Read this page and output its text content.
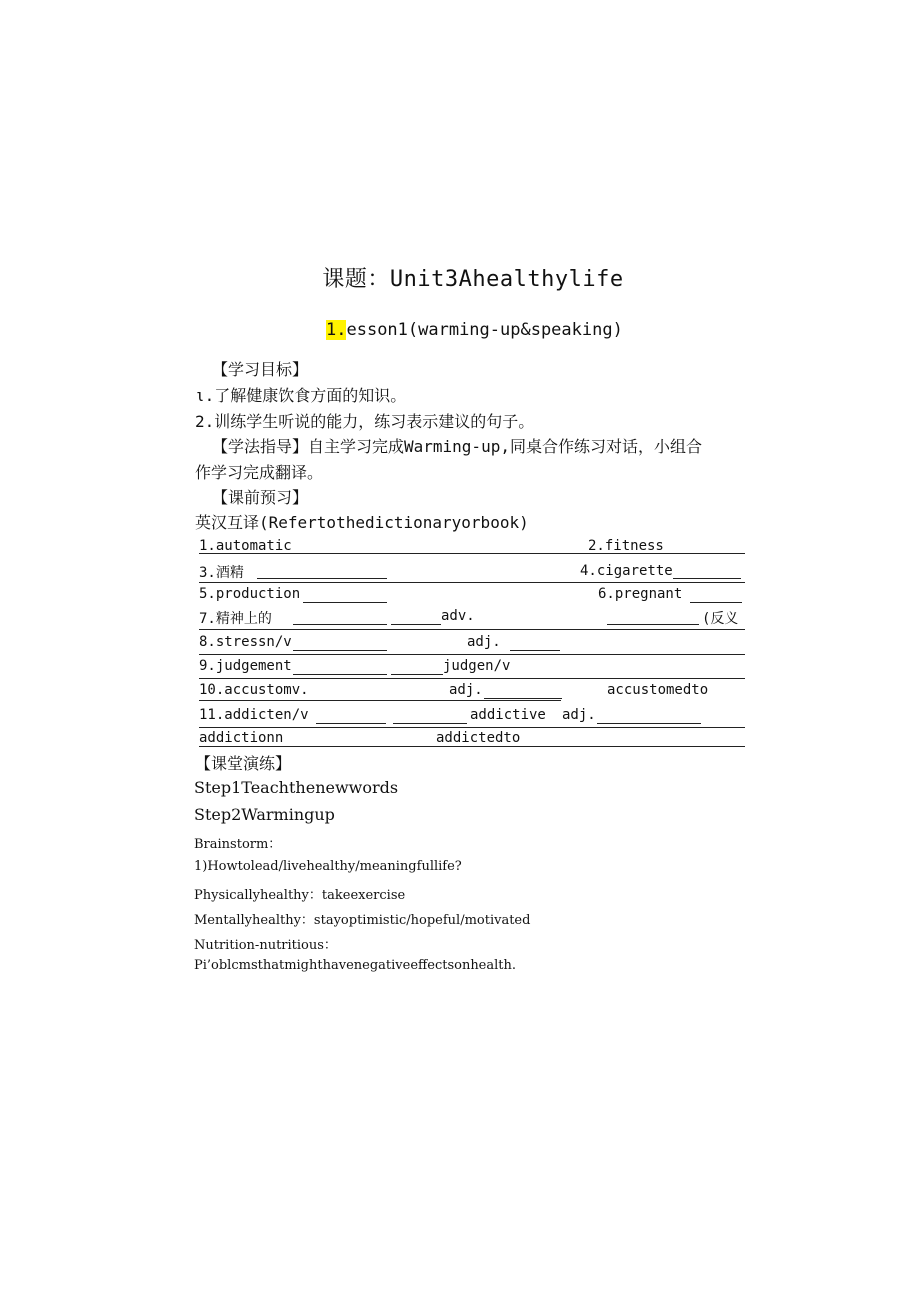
课题：Unit3Ahealthylife
1.esson1(warming-up&speaking)
【学习目标】
ι.了解健康饮食方面的知识。
2.训练学生听说的能力，练习表示建议的句子。
【学法指导】自主学习完成Warming-up,同桌合作练习对话，小组合
作学习完成翻译。
【课前预习】
英汉互译(Refertothedictionaryorbook)
1.automatic	2.fitness
3.酒精	4.cigarette
5.production	6.pregnant
7.精神上的	adv.	(反义
8.stressn/v	adj.
9.judgement	judgen/v
10.accustomv.	adj.	accustomedto
11.addicten/v	addictive adj.
addictionn	addictedto
【课堂演练】
Step1Teachthenewwords
Step2Warmingup
Brainstorm：
1)Howtolead/livehealthy/meaningfullife?
Physicallyhealthy：takeexercise
Mentallyhealthy：stayoptimistic/hopeful/motivated
Nutrition-nutritious：
Pi’oblcmsthatmighthavenegativeeffectsonhealth.
